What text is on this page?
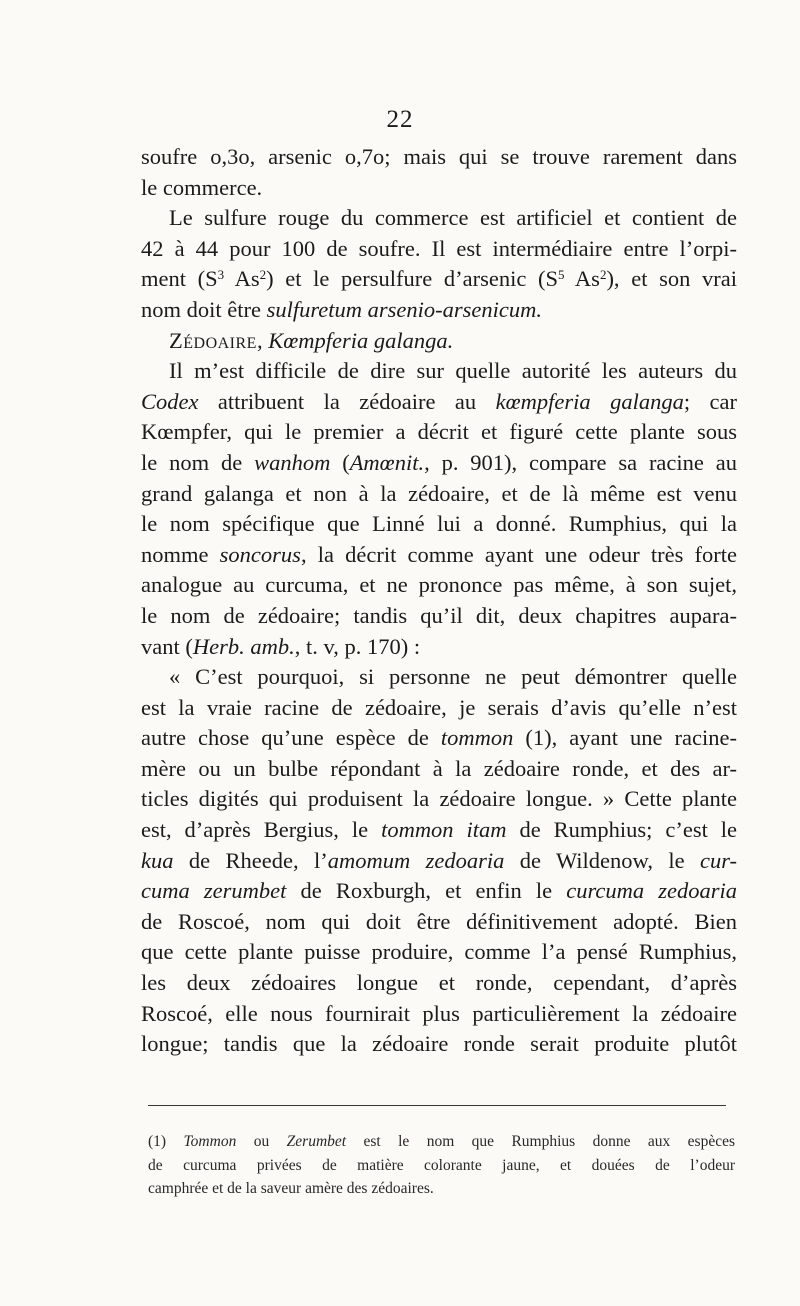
22
soufre o,3o, arsenic o,7o; mais qui se trouve rarement dans
le commerce.
Le sulfure rouge du commerce est artificiel et contient de
42 à 44 pour 100 de soufre. Il est intermédiaire entre l’orpi-
ment ($S^3$ As$^2$) et le persulfure d’arsenic ($S^5$ As$^2$), et son vrai
nom doit être sulfuretum arsenio-arsenicum.
Zédoaire, Kœmpferia galanga.
Il m’est difficile de dire sur quelle autorité les auteurs du
Codex attribuent la zédoaire au kœmpferia galanga; car
Kœmpfer, qui le premier a décrit et figuré cette plante sous
le nom de wanhom (Amœnit., p. 901), compare sa racine au
grand galanga et non à la zédoaire, et de là même est venu
le nom spécifique que Linné lui a donné. Rumphius, qui la
nomme soncorus, la décrit comme ayant une odeur très forte
analogue au curcuma, et ne prononce pas même, à son sujet,
le nom de zédoaire; tandis qu’il dit, deux chapitres aupara-
vant (Herb. amb., t. v, p. 170) :
« C’est pourquoi, si personne ne peut démontrer quelle
est la vraie racine de zédoaire, je serais d’avis qu’elle n’est
autre chose qu’une espèce de tommon (1), ayant une racine-
mère ou un bulbe répondant à la zédoaire ronde, et des ar-
ticles digités qui produisent la zédoaire longue. » Cette plante
est, d’après Bergius, le tommon itam de Rumphius; c’est le
kua de Rheede, l’amomum zedoaria de Wildenow, le cur-
cuma zerumbet de Roxburgh, et enfin le curcuma zedoaria
de Roscoé, nom qui doit être définitivement adopté. Bien
que cette plante puisse produire, comme l’a pensé Rumphius,
les deux zédoaires longue et ronde, cependant, d’après
Roscoé, elle nous fournirait plus particulièrement la zédoaire
longue; tandis que la zédoaire ronde serait produite plutôt
(1) Tommon ou Zerumbet est le nom que Rumphius donne aux espèces
de curcuma privées de matière colorante jaune, et douées de l’odeur
camphrée et de la saveur amère des zédoaires.
